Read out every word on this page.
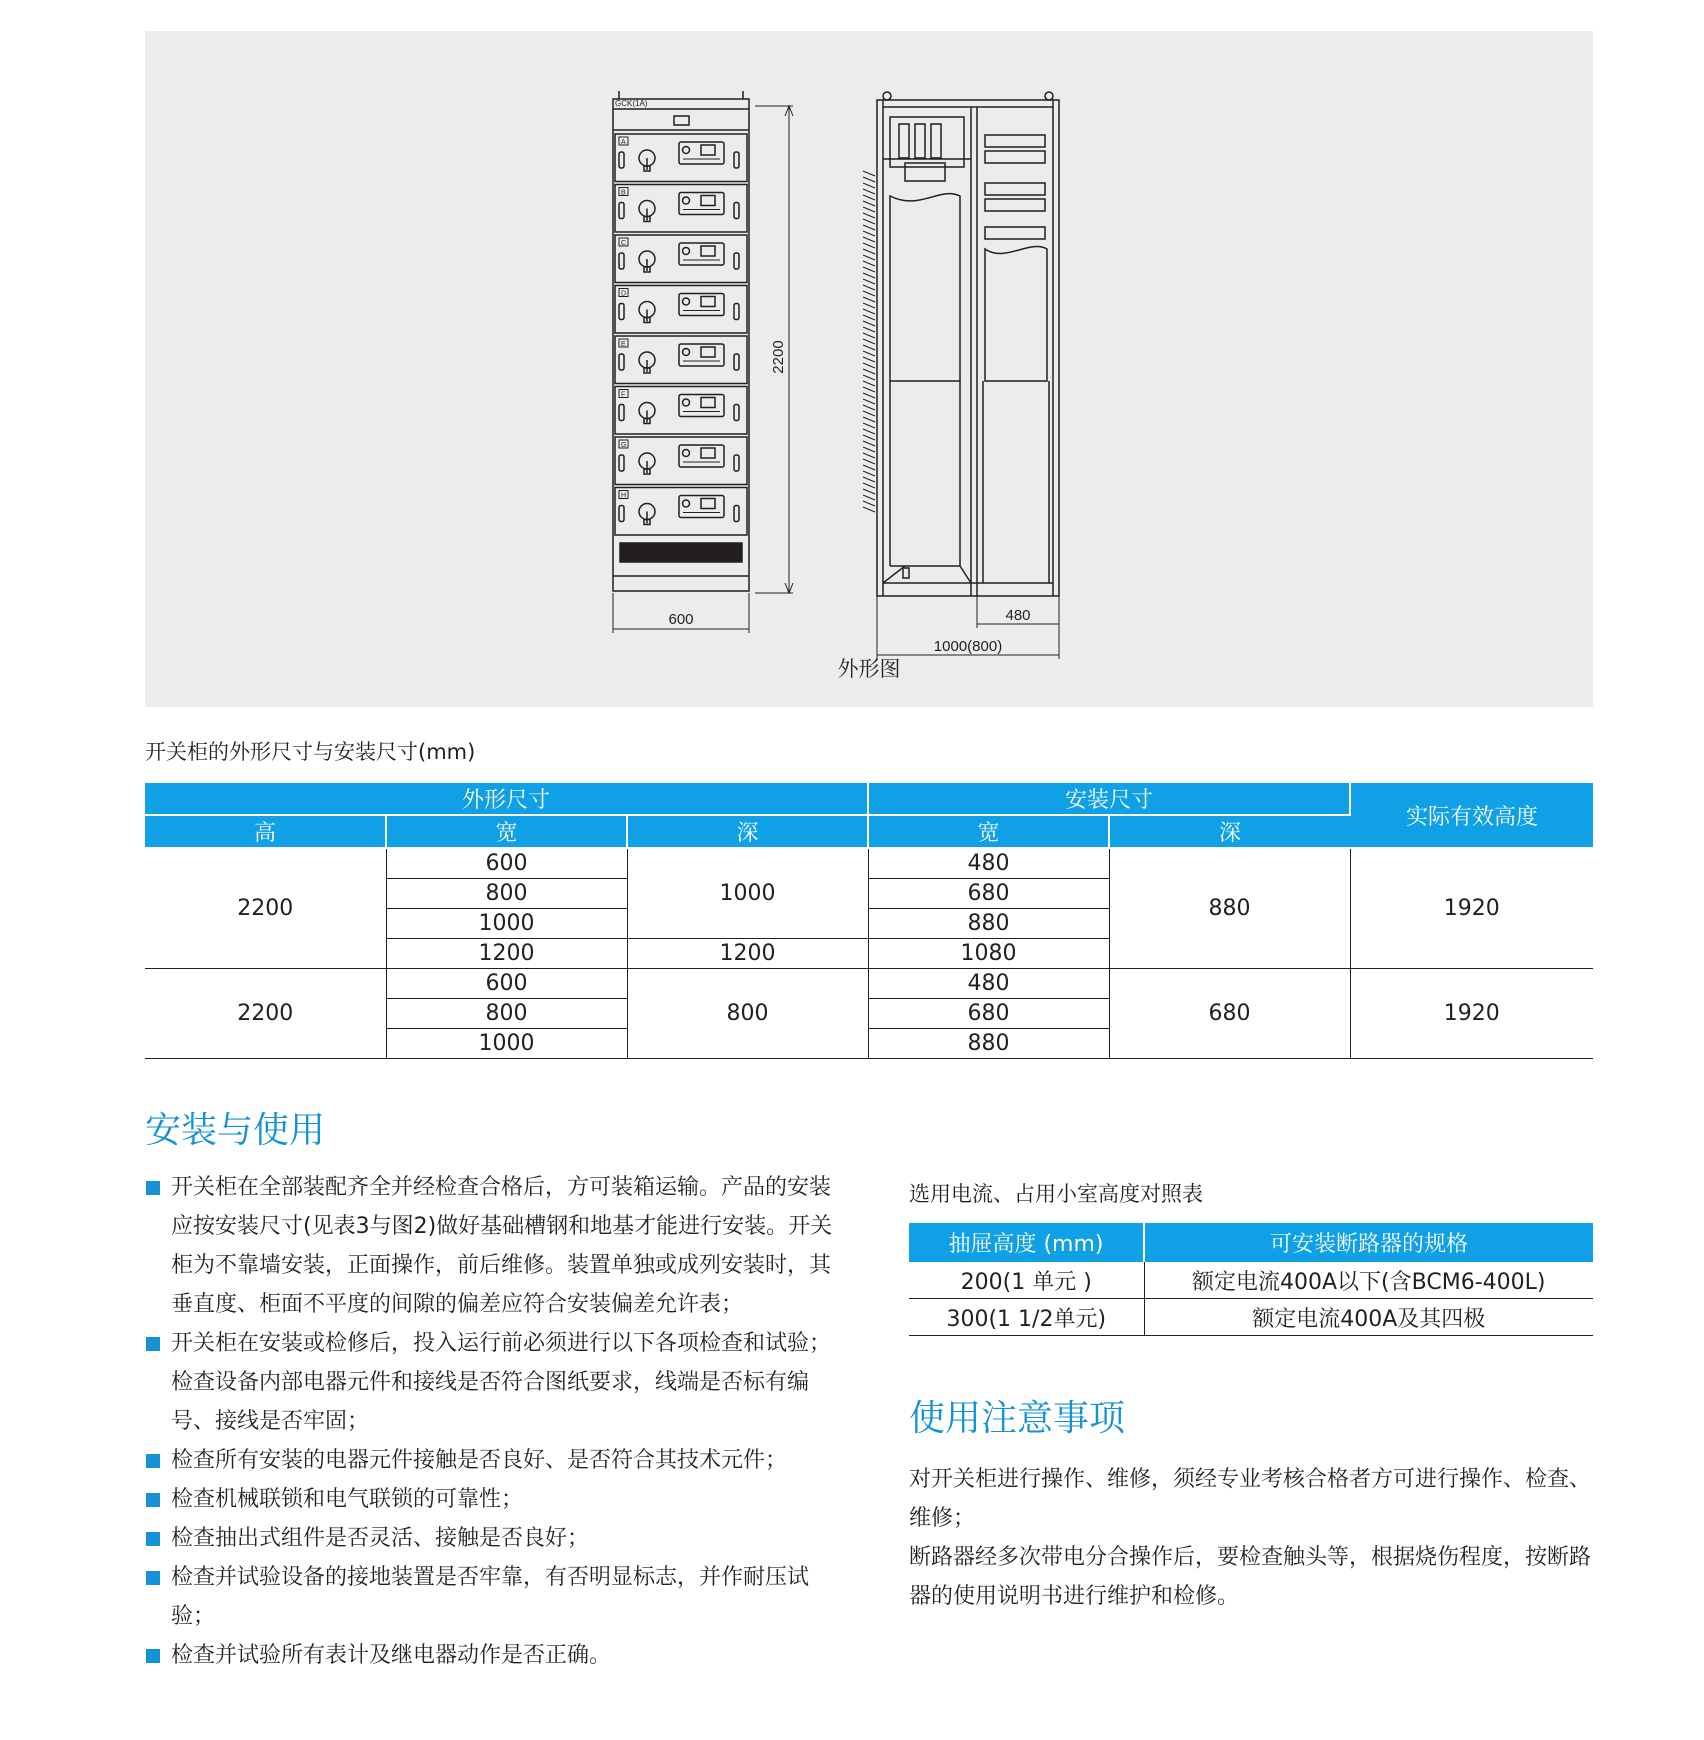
A
B
C
D
E
F
G
H
GCK(1A)
2200
600	480
1000(800)
外形图
开关柜的外形尺寸与安装尺寸(mm)
外形尺寸			安装尺寸		实际有效高度
高	宽	深	宽	深	
2200	600	1000	480	880	1920
	800		680		
	1000		880		
	1200	1200	1080		
2200	600	800	480	680	1920
	800		680		
	1000		880		
安装与使用
开关柜在全部装配齐全并经检查合格后，方可装箱运输。产品的安装应按安装尺寸(见表3与图2)做好基础槽钢和地基才能进行安装。开关柜为不靠墙安装，正面操作，前后维修。装置单独或成列安装时，其垂直度、柜面不平度的间隙的偏差应符合安装偏差允许表；
开关柜在安装或检修后，投入运行前必须进行以下各项检查和试验；检查设备内部电器元件和接线是否符合图纸要求，线端是否标有编号、接线是否牢固；
检查所有安装的电器元件接触是否良好、是否符合其技术元件；
检查机械联锁和电气联锁的可靠性；
检查抽出式组件是否灵活、接触是否良好；
检查并试验设备的接地装置是否牢靠，有否明显标志，并作耐压试验；
检查并试验所有表计及继电器动作是否正确。
选用电流、占用小室高度对照表
抽屉高度 (mm)	可安装断路器的规格
200(1 单元 )	额定电流400A以下(含BCM6-400L)
300(1 1/2单元)	额定电流400A及其四极
使用注意事项

对开关柜进行操作、维修，须经专业考核合格者方可进行操作、检查、维修；

断路器经多次带电分合操作后，要检查触头等，根据烧伤程度，按断路器的使用说明书进行维护和检修。
